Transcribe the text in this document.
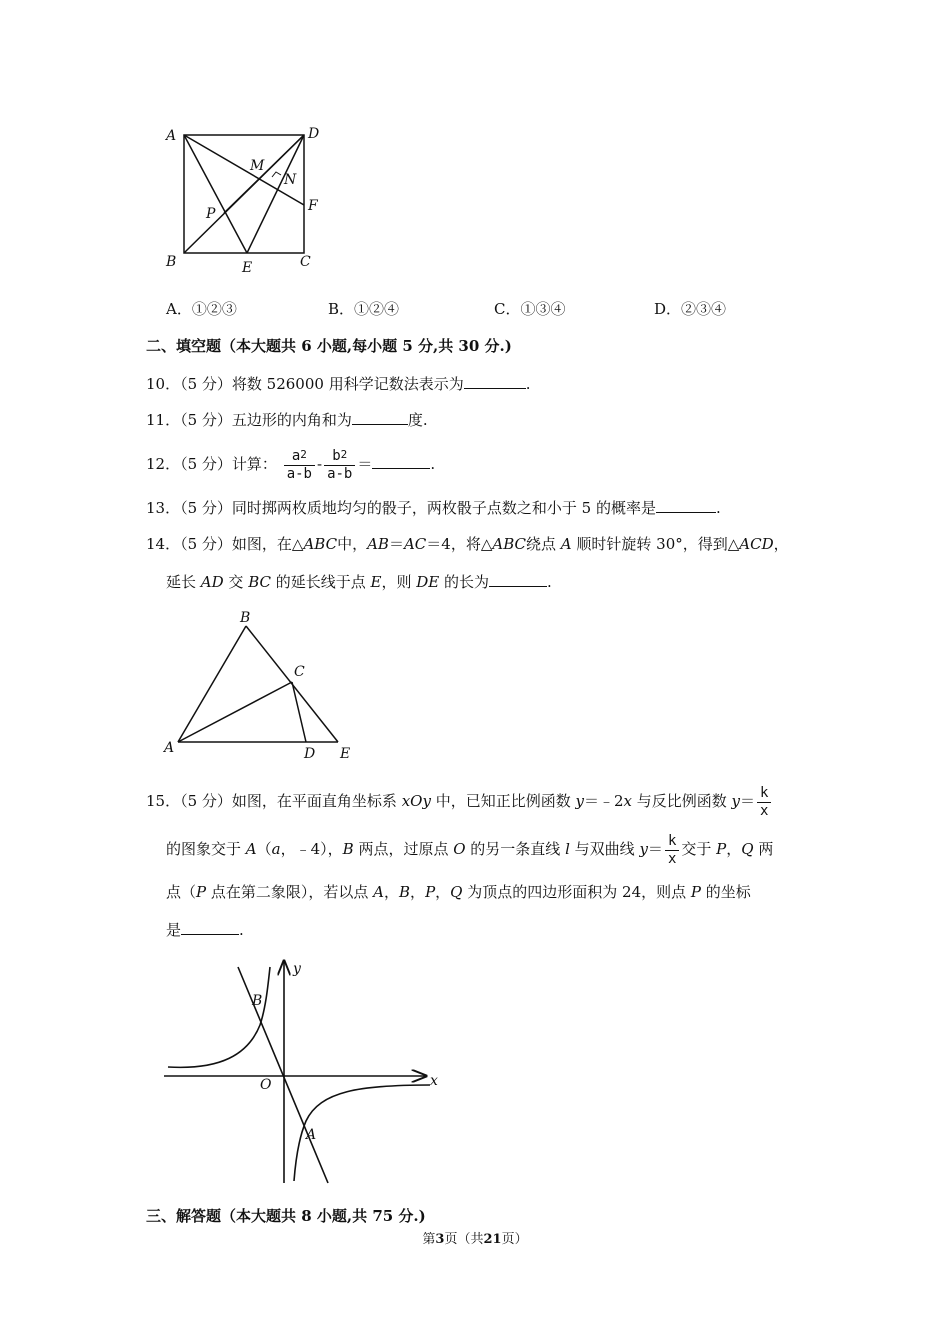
A	D
M
N
F
P
B	E	C
A．①②③	B．①②④	C．①③④	D．②③④
二、填空题（本大题共 6 小题,每小题 5 分,共 30 分.)
10．（5 分）将数 526000 用科学记数法表示为	.
11．（5 分）五边形的内角和为	度.
12．（5 分）计算： $\frac{a^2}{a-b} - \frac{b^2}{a-b}$ ＝	.
13．（5 分）同时掷两枚质地均匀的骰子，两枚骰子点数之和小于 5 的概率是	.
14．（5 分）如图，在△ABC中，AB＝AC＝4，将△ABC绕点 A 顺时针旋转 30°，得到△ACD，
延长 AD 交 BC 的延长线于点 E，则 DE 的长为	.
B
C
A	D E
15．（5 分）如图，在平面直角坐标系 xOy 中，已知正比例函数 y＝﹣2x 与反比例函数 $y= \frac{k}{x}$
的图象交于 A（a，﹣4），B 两点，过原点 O 的另一条直线 l 与双曲线 $y= \frac{k}{x}$ 交于 P，Q 两
点（P 点在第二象限），若以点 A，B，P，Q 为顶点的四边形面积为 24，则点 P 的坐标
是	.
y
x
O
B
A
三、解答题（本大题共 8 小题,共 75 分.)
第3页（共21页）
